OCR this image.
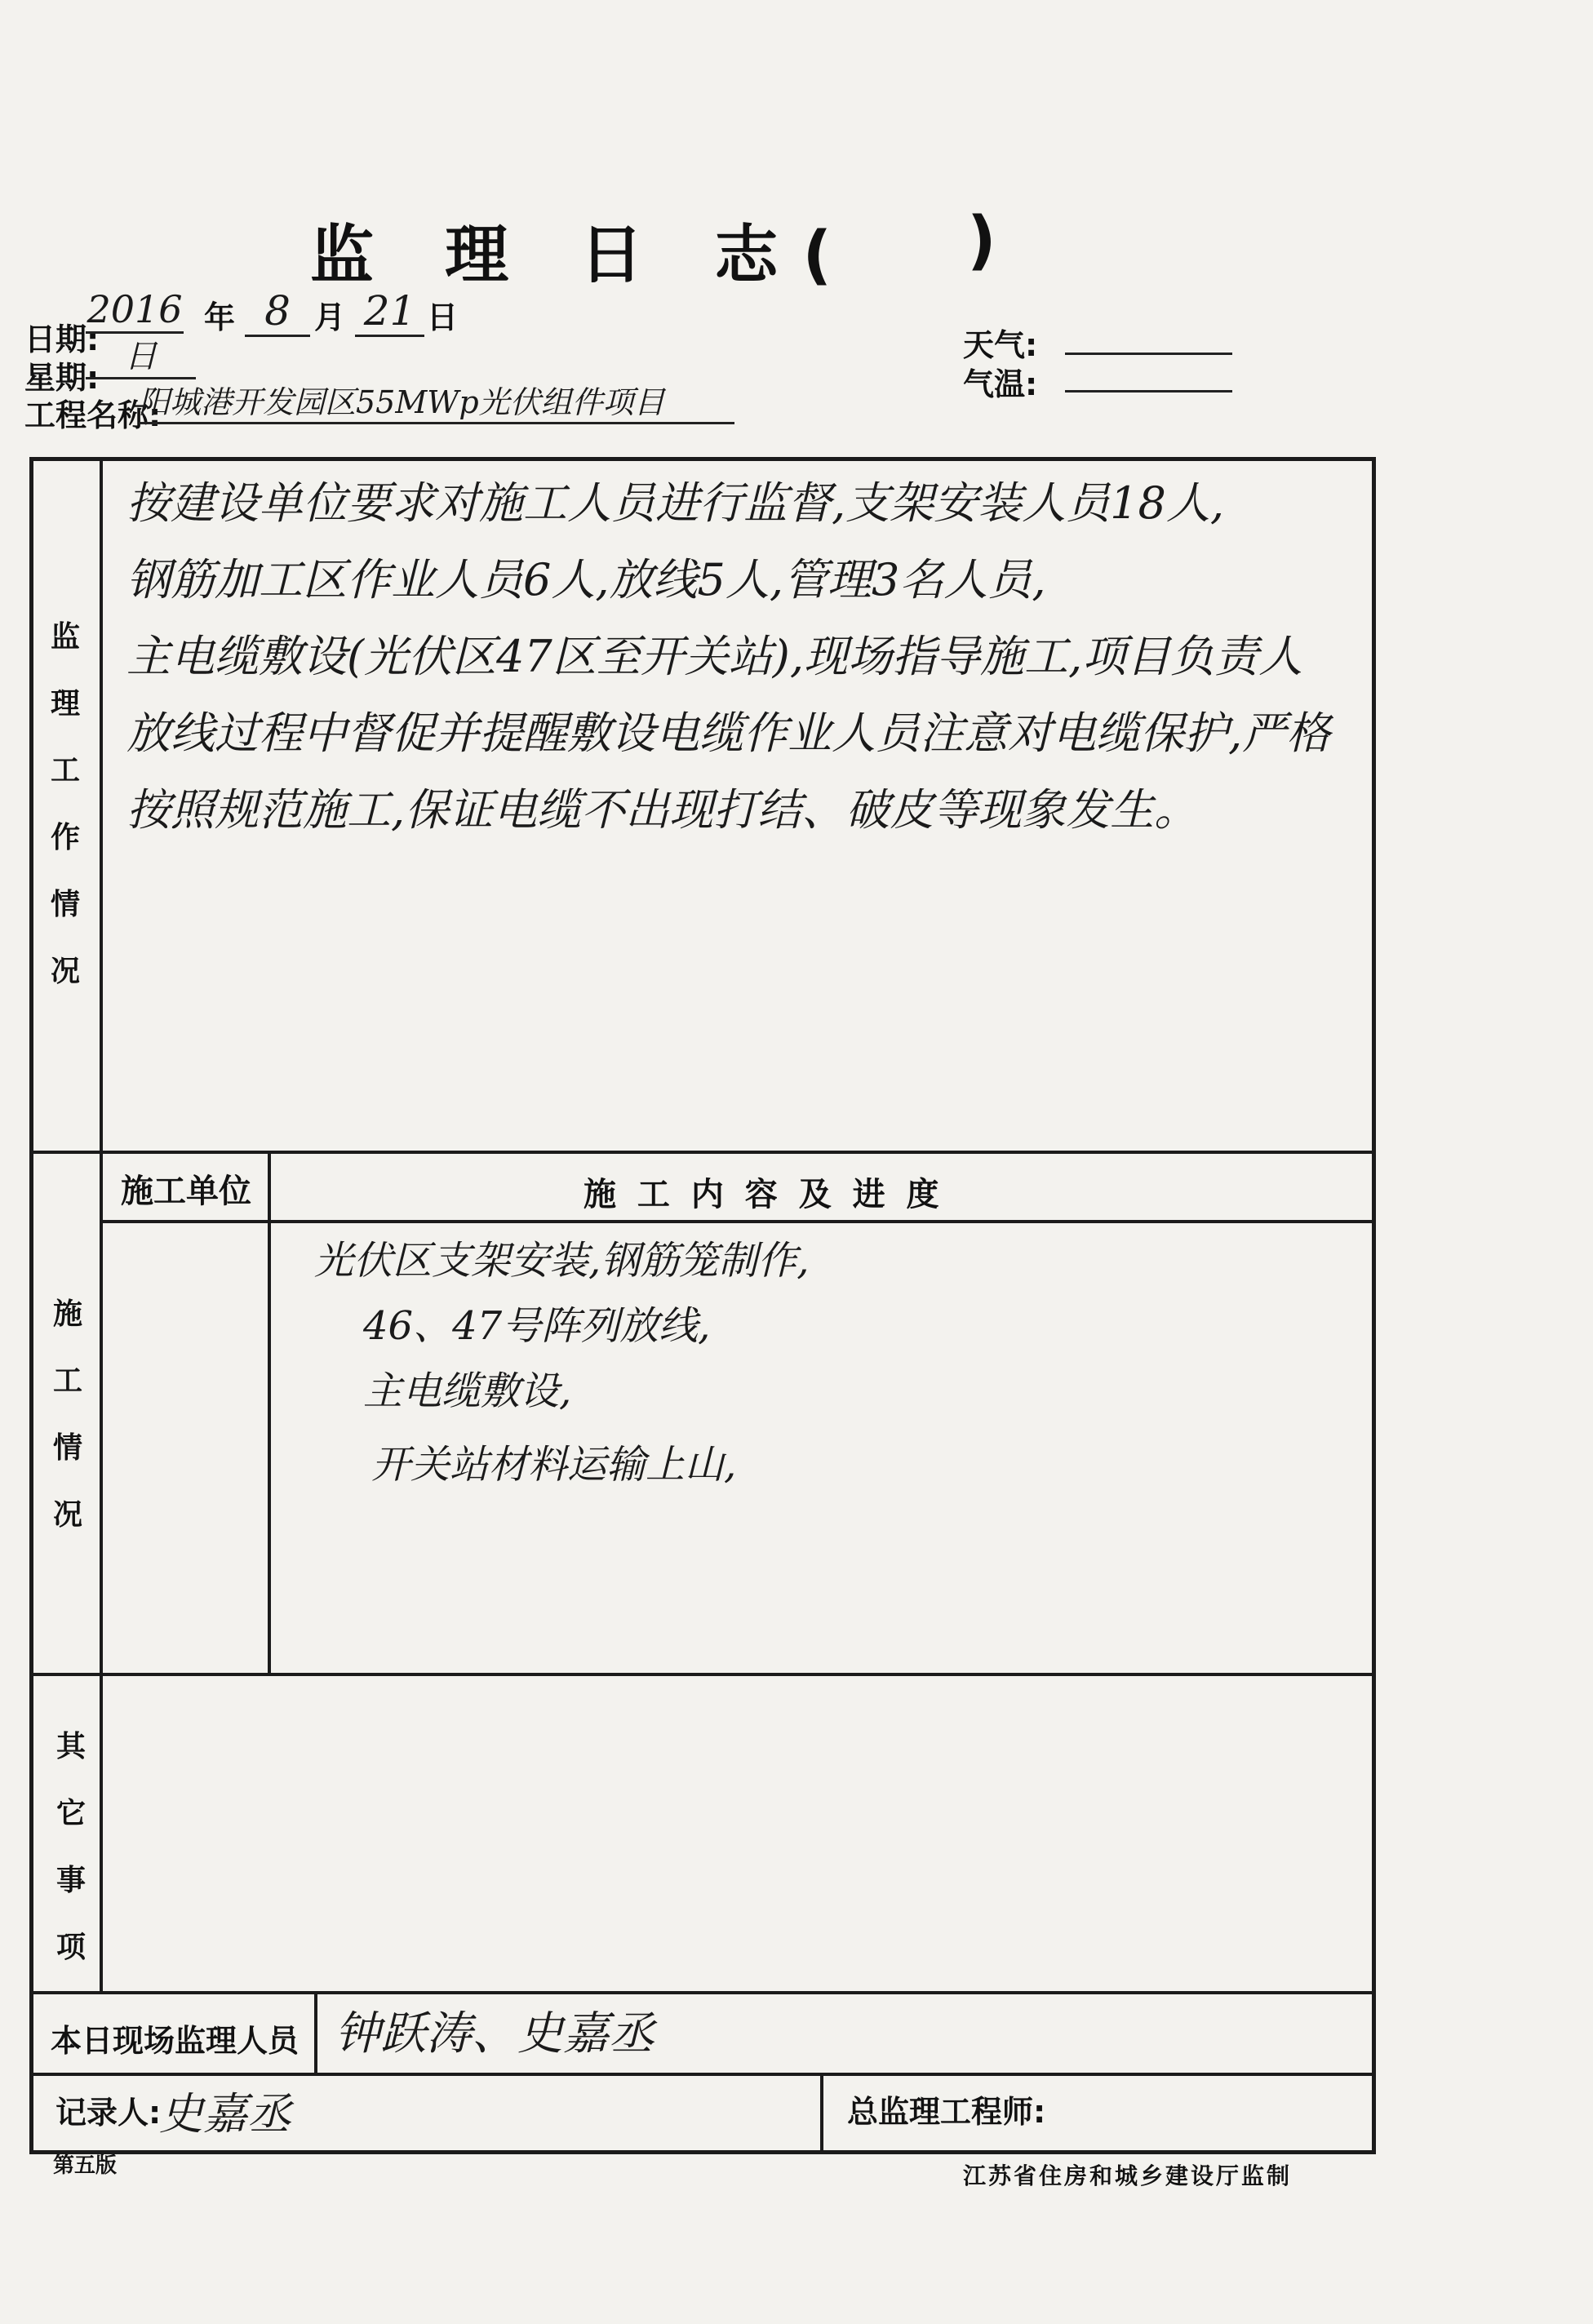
监 理 日 志( )
日期:
2016 年 8 月 21 日
星期:
日
工程名称:
阳城港开发园区55MWp光伏组件项目
天气:
气温:
监理工作情况
按建设单位要求对施工人员进行监督,支架安装人员18人,
钢筋加工区作业人员6人,放线5人,管理3名人员,
主电缆敷设(光伏区47区至开关站),现场指导施工,项目负责人
放线过程中督促并提醒敷设电缆作业人员注意对电缆保护,严格
按照规范施工,保证电缆不出现打结、破皮等现象发生。
施工情况
施工单位	施 工 内 容 及 进 度
光伏区支架安装,钢筋笼制作,
46、47号阵列放线,
主电缆敷设,
开关站材料运输上山,
其它事项
本日现场监理人员 钟跃涛、史嘉丞
记录人:
史嘉丞	总监理工程师:
第五版	江苏省住房和城乡建设厅监制
